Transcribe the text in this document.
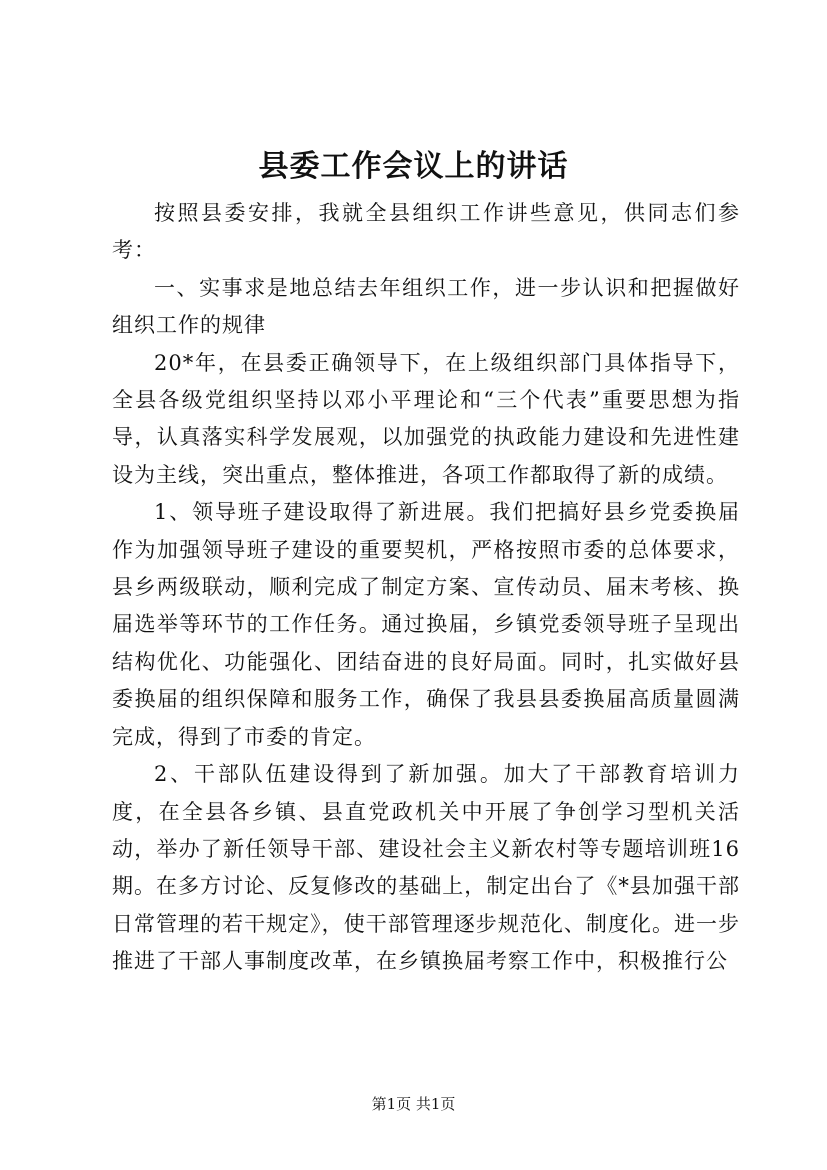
县委工作会议上的讲话

按照县委安排，我就全县组织工作讲些意见，供同志们参考：

一、实事求是地总结去年组织工作，进一步认识和把握做好组织工作的规律

20*年，在县委正确领导下，在上级组织部门具体指导下，全县各级党组织坚持以邓小平理论和“三个代表”重要思想为指导，认真落实科学发展观，以加强党的执政能力建设和先进性建设为主线，突出重点，整体推进，各项工作都取得了新的成绩。

1、领导班子建设取得了新进展。我们把搞好县乡党委换届作为加强领导班子建设的重要契机，严格按照市委的总体要求，县乡两级联动，顺利完成了制定方案、宣传动员、届末考核、换届选举等环节的工作任务。通过换届，乡镇党委领导班子呈现出结构优化、功能强化、团结奋进的良好局面。同时，扎实做好县委换届的组织保障和服务工作，确保了我县县委换届高质量圆满完成，得到了市委的肯定。

2、干部队伍建设得到了新加强。加大了干部教育培训力度，在全县各乡镇、县直党政机关中开展了争创学习型机关活动，举办了新任领导干部、建设社会主义新农村等专题培训班16期。在多方讨论、反复修改的基础上，制定出台了《*县加强干部日常管理的若干规定》，使干部管理逐步规范化、制度化。进一步推进了干部人事制度改革，在乡镇换届考察工作中，积极推行公

第1页 共1页
